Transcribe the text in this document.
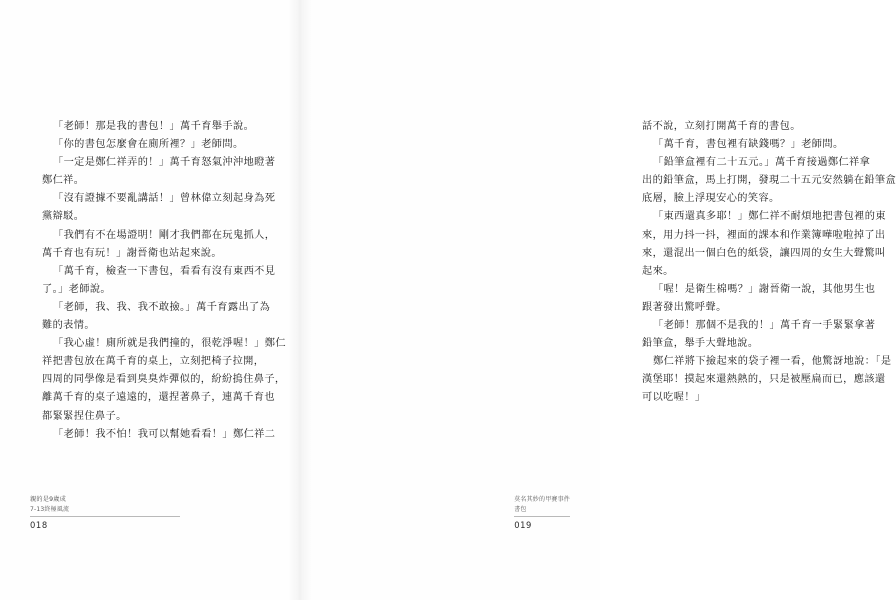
「老師！那是我的書包！」萬千育舉手說。
「你的書包怎麼會在廁所裡？」老師問。
「一定是鄭仁祥弄的！」萬千育怒氣沖沖地瞪著
鄭仁祥。
「沒有證據不要亂講話！」曾林偉立刻起身為死
黨辯駁。
「我們有不在場證明！剛才我們都在玩鬼抓人，
萬千育也有玩！」謝晉衛也站起來說。
「萬千育，檢查一下書包，看看有沒有東西不見
了。」老師說。
「老師，我、我、我不敢撿。」萬千育露出了為
難的表情。
「我心虛！廁所就是我們撞的，很乾淨喔！」鄭仁
祥把書包放在萬千育的桌上，立刻把椅子拉開，
四周的同學像是看到臭臭炸彈似的，紛紛摀住鼻子，
離萬千育的桌子遠遠的，還捏著鼻子，連萬千育也
都緊緊捏住鼻子。
「老師！我不怕！我可以幫她看看！」鄭仁祥二
親的是9歲成
7-13終極風流
018
話不說，立刻打開萬千育的書包。
「萬千育，書包裡有缺錢嗎？」老師問。
「鉛筆盒裡有二十五元。」萬千育接過鄭仁祥拿
出的鉛筆盒，馬上打開，發現二十五元安然躺在鉛筆盒
底層，臉上浮現安心的笑容。
「東西還真多耶！」鄭仁祥不耐煩地把書包裡的東
來，用力抖一抖，裡面的課本和作業簿嘩啦啦掉了出
來，還混出一個白色的紙袋，讓四周的女生大聲驚叫
起來。
「喔！是衛生棉嗎？」謝晉衛一說，其他男生也
跟著發出驚呼聲。
「老師！那個不是我的！」萬千育一手緊緊拿著
鉛筆盒，舉手大聲地說。
鄭仁祥將下撿起來的袋子裡一看，他驚訝地說：「是
漢堡耶！摸起來還熱熱的，只是被壓扁而已，應該還
可以吃喔！」
莫名其妙的甲賽事件
書包
019
